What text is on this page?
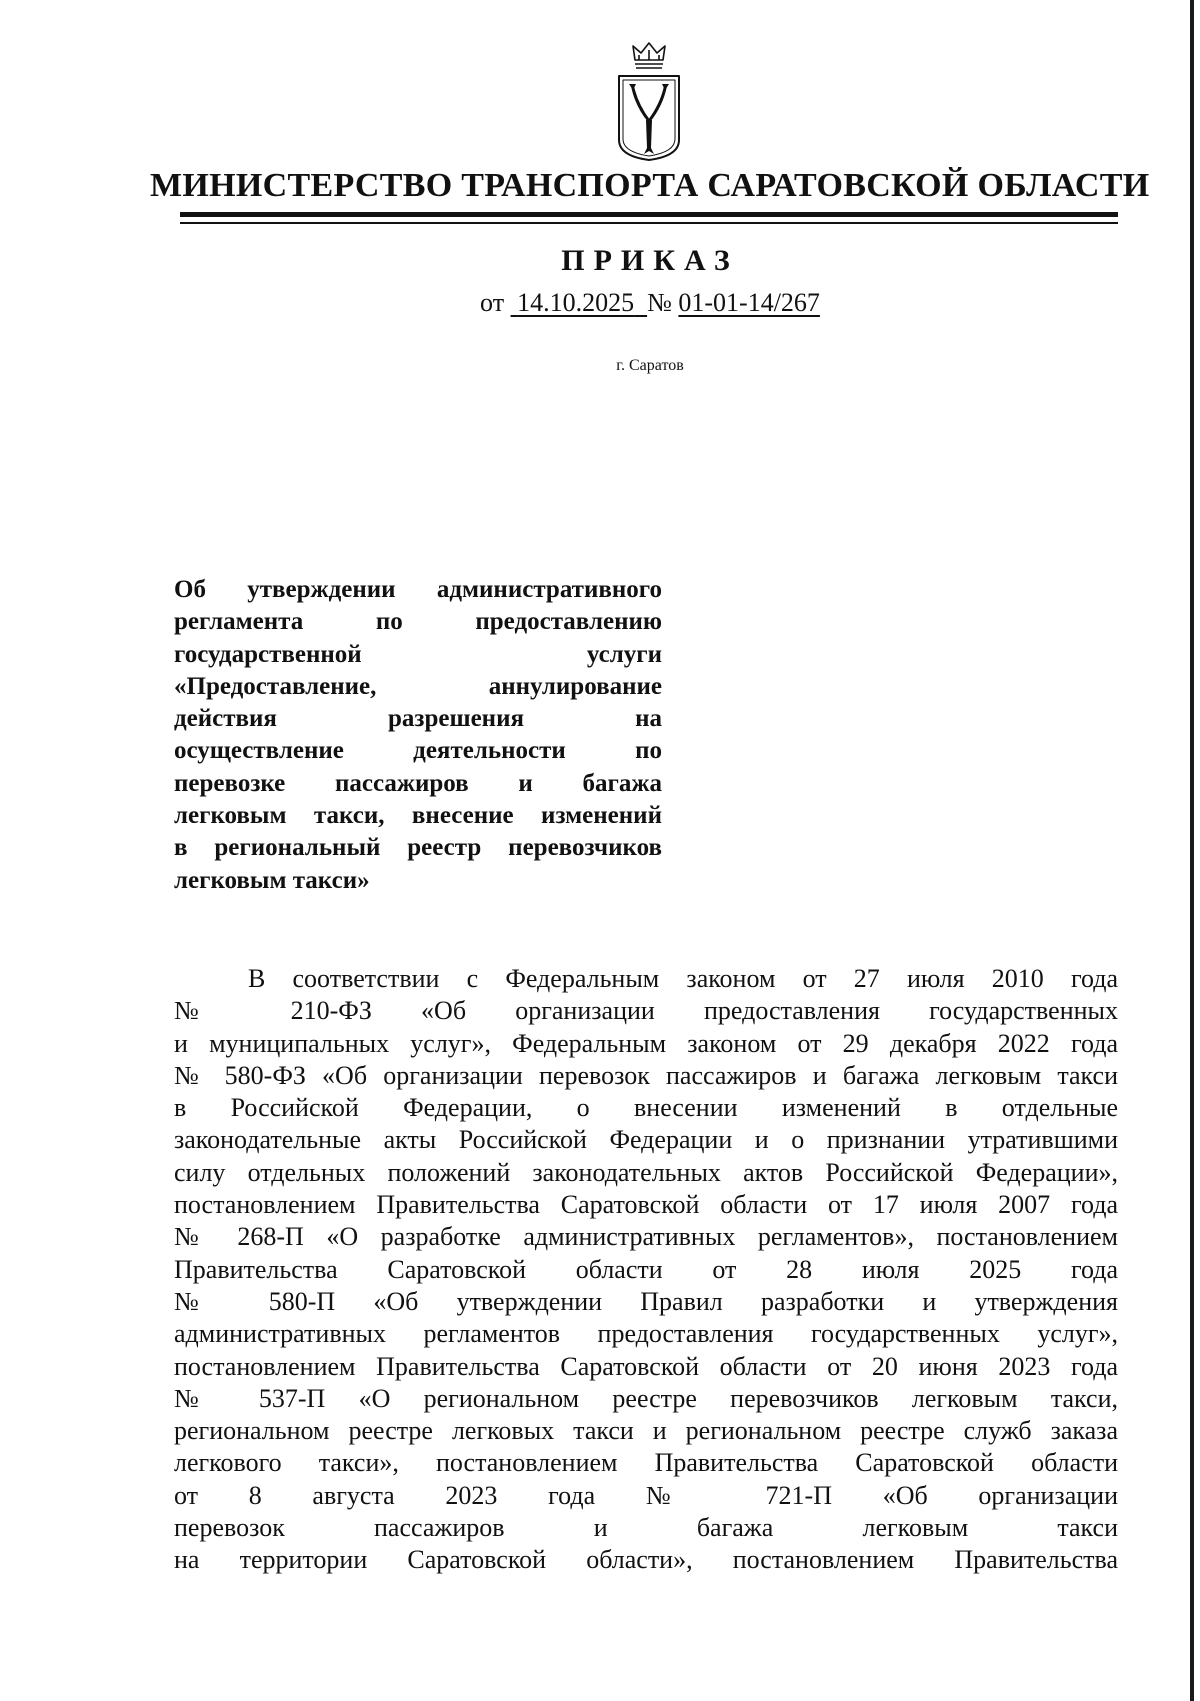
МИНИСТЕРСТВО ТРАНСПОРТА САРАТОВСКОЙ ОБЛАСТИ
ПРИКАЗ
от 14.10.2025 № 01-01-14/267
г. Саратов
Об утверждении административного
регламента по предоставлению
государственной услуги
«Предоставление, аннулирование
действия разрешения на
осуществление деятельности по
перевозке пассажиров и багажа
легковым такси, внесение изменений
в региональный реестр перевозчиков
легковым такси»
В соответствии с Федеральным законом от 27 июля 2010 года
№ 210-ФЗ «Об организации предоставления государственных
и муниципальных услуг», Федеральным законом от 29 декабря 2022 года
№ 580-ФЗ «Об организации перевозок пассажиров и багажа легковым такси
в Российской Федерации, о внесении изменений в отдельные
законодательные акты Российской Федерации и о признании утратившими
силу отдельных положений законодательных актов Российской Федерации»,
постановлением Правительства Саратовской области от 17 июля 2007 года
№ 268-П «О разработке административных регламентов», постановлением
Правительства Саратовской области от 28 июля 2025 года
№ 580-П «Об утверждении Правил разработки и утверждения
административных регламентов предоставления государственных услуг»,
постановлением Правительства Саратовской области от 20 июня 2023 года
№ 537-П «О региональном реестре перевозчиков легковым такси,
региональном реестре легковых такси и региональном реестре служб заказа
легкового такси», постановлением Правительства Саратовской области
от 8 августа 2023 года № 721-П «Об организации
перевозок пассажиров и багажа легковым такси
на территории Саратовской области», постановлением Правительства
